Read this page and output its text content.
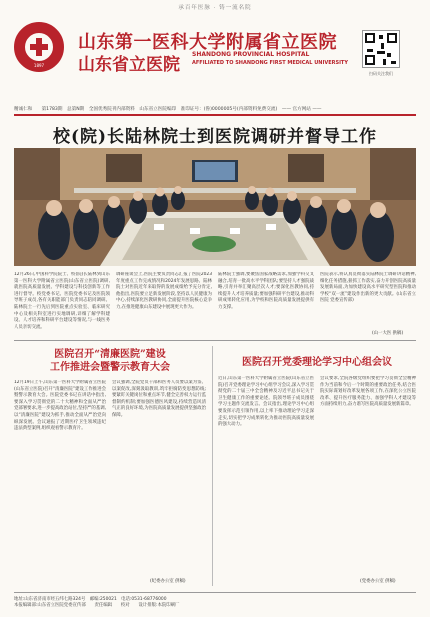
承百年医脉 · 铸一流名院
1897
山东第一医科大学附属省立医院
山东省立医院
SHANDONG PROVINCIAL HOSPITAL
AFFILIATED TO SHANDONG FIRST MEDICAL UNIVERSITY
扫码关注我们
精诚仁和　　第1783期　总第N期　全国优秀院刊内部资料　山东省立医院编印　准印证号：(鲁)0000005号(内部资料免费交流)　—— 官方网站 ——
校(院)长陆林院士到医院调研并督导工作
12月26日,中国科学院院士、校(院)长陆林到山东第一医科大学附属省立医院(山东省立医院)调研,就医院高质量发展、学科建设与科技创新等工作进行督导。校党委书记、医院党委书记及医院领导班子成员,各有关职能部门负责同志陪同调研。陆林院士一行先后到医院重点实验室、临床研究中心及相关科室进行实地调研,详细了解学科建设、人才培养和科研平台建设等情况,与一线医务人员亲切交流。
调研座谈会上,医院主要负责同志汇报了医院2023年度重点工作完成情况和2024年发展思路。陆林院士对医院近年来取得的发展成绩给予充分肯定,他指出,医院要立足新发展阶段,坚持以人民健康为中心,持续深化医教研协同,全面提升医院核心竞争力,在推进健康山东建设中展现更大作为。
陆林院士强调,要聚焦国家战略需求,加强学科交叉融合,培育一批高水平学科团队;要坚持人才强院战略,引育并举汇聚高层次人才;要深化医教协同,持续提升人才培养质量;要加强科研平台建设,推动科研成果转化应用,为学校和医院高质量发展提供有力支撑。
医院表示,将认真贯彻落实陆林院士调研讲话精神,细化任务措施,狠抓工作落实,奋力开创医院高质量发展新局面,为加快建设高水平研究型医院和推动学校“双一流”建设作出新的更大贡献。(山东省立医院 党委宣传部)
(山一大医 供稿)
医院召开“清廉医院”建设
工作推进会暨警示教育大会
12月19日上午,山东第一医科大学附属省立医院(山东省立医院)召开“清廉医院”建设工作推进会暨警示教育大会。医院党委书记在讲话中指出,要深入学习贯彻党的二十大精神和全面从严治党部署要求,进一步提高政治站位,坚持严的基调,以“清廉医院”建设为抓手,推动全面从严治党向纵深发展。会议通报了近期医疗卫生领域违纪违法典型案例,组织观看警示教育片。
会议强调,全院党员干部和医务人员要以案为鉴、以案促改,深刻汲取教训,筑牢拒腐防变思想防线;要紧盯关键岗位和重点环节,健全完善权力运行监督制约机制;要加强医德医风建设,持续营造风清气正的良好环境,为医院高质量发展提供坚强政治保障。
(纪委办公室 供稿)
医院召开党委理论学习中心组会议
近日,山东第一医科大学附属省立医院(山东省立医院)召开党委理论学习中心组学习会议,深入学习贯彻党的二十届三中全会精神及习近平总书记关于卫生健康工作的重要论述。院领导班子成员围绕学习主题作交流发言。会议指出,理论学习中心组要发挥示范引领作用,以上率下推动理论学习走深走实,切实把学习成果转化为推动医院高质量发展的强大动力。
会议要求,全院各级党组织要把学习贯彻全会精神作为当前和今后一个时期的重要政治任务,结合医院实际谋划好改革发展各项工作,在深化公立医院改革、提升医疗服务能力、加强学科人才建设等方面持续用力,奋力谱写医院高质量发展新篇章。
(党委办公室 供稿)
地址:山东省济南市经五纬七路324号　邮编:250021　电话:0531-68776000
本报编辑部:山东省立医院党委宣传部　　责任编辑　　校对　　设计排版:本院印刷厂
